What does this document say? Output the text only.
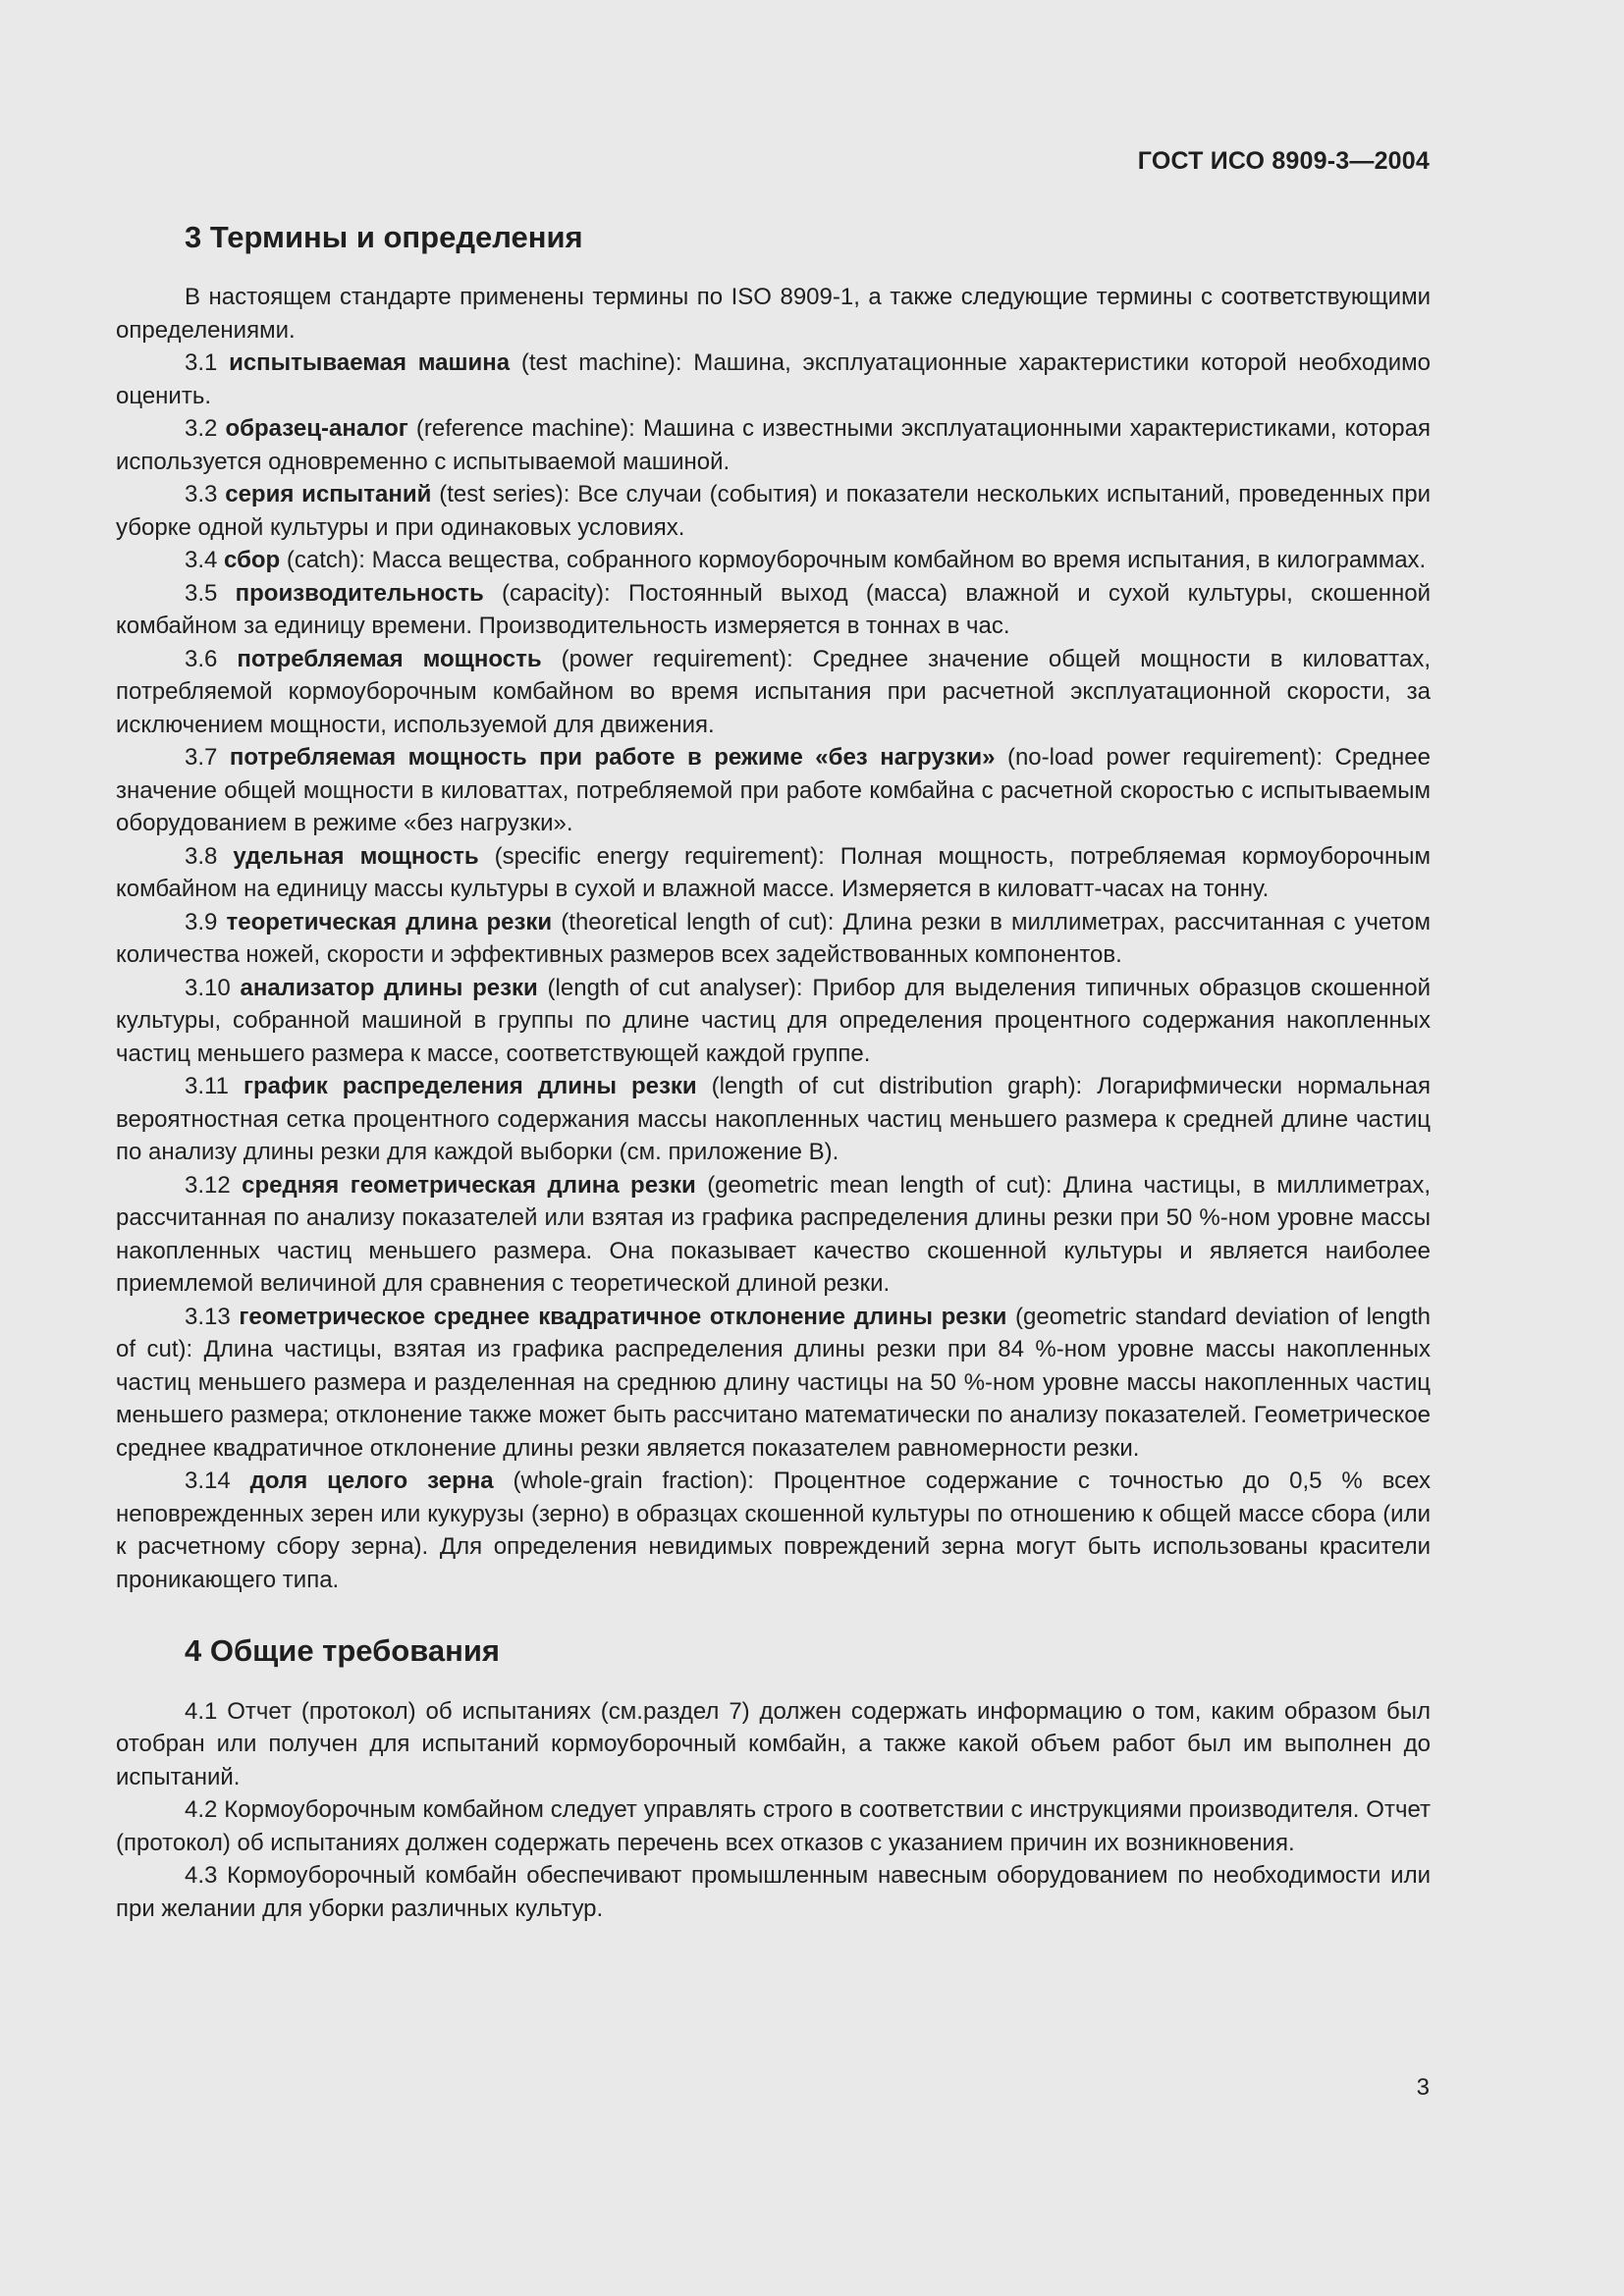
ГОСТ ИСО 8909-3—2004
3 Термины и определения

В настоящем стандарте применены термины по ISO 8909-1, а также следующие термины с соответствующими определениями.

3.1 испытываемая машина (test machine): Машина, эксплуатационные характеристики которой необходимо оценить.

3.2 образец-аналог (reference machine): Машина с известными эксплуатационными характеристиками, которая используется одновременно с испытываемой машиной.

3.3 серия испытаний (test series): Все случаи (события) и показатели нескольких испытаний, проведенных при уборке одной культуры и при одинаковых условиях.

3.4 сбор (catch): Масса вещества, собранного кормоуборочным комбайном во время испытания, в килограммах.

3.5 производительность (capacity): Постоянный выход (масса) влажной и сухой культуры, скошенной комбайном за единицу времени. Производительность измеряется в тоннах в час.

3.6 потребляемая мощность (power requirement): Среднее значение общей мощности в киловаттах, потребляемой кормоуборочным комбайном во время испытания при расчетной эксплуатационной скорости, за исключением мощности, используемой для движения.

3.7 потребляемая мощность при работе в режиме «без нагрузки» (no-load power requirement): Среднее значение общей мощности в киловаттах, потребляемой при работе комбайна с расчетной скоростью с испытываемым оборудованием в режиме «без нагрузки».

3.8 удельная мощность (specific energy requirement): Полная мощность, потребляемая кормоуборочным комбайном на единицу массы культуры в сухой и влажной массе. Измеряется в киловатт-часах на тонну.

3.9 теоретическая длина резки (theoretical length of cut): Длина резки в миллиметрах, рассчитанная с учетом количества ножей, скорости и эффективных размеров всех задействованных компонентов.

3.10 анализатор длины резки (length of cut analyser): Прибор для выделения типичных образцов скошенной культуры, собранной машиной в группы по длине частиц для определения процентного содержания накопленных частиц меньшего размера к массе, соответствующей каждой группе.

3.11 график распределения длины резки (length of cut distribution graph): Логарифмически нормальная вероятностная сетка процентного содержания массы накопленных частиц меньшего размера к средней длине частиц по анализу длины резки для каждой выборки (см. приложение В).

3.12 средняя геометрическая длина резки (geometric mean length of cut): Длина частицы, в миллиметрах, рассчитанная по анализу показателей или взятая из графика распределения длины резки при 50 %-ном уровне массы накопленных частиц меньшего размера. Она показывает качество скошенной культуры и является наиболее приемлемой величиной для сравнения с теоретической длиной резки.

3.13 геометрическое среднее квадратичное отклонение длины резки (geometric standard deviation of length of cut): Длина частицы, взятая из графика распределения длины резки при 84 %-ном уровне массы накопленных частиц меньшего размера и разделенная на среднюю длину частицы на 50 %-ном уровне массы накопленных частиц меньшего размера; отклонение также может быть рассчитано математически по анализу показателей. Геометрическое среднее квадратичное отклонение длины резки является показателем равномерности резки.

3.14 доля целого зерна (whole-grain fraction): Процентное содержание с точностью до 0,5 % всех неповрежденных зерен или кукурузы (зерно) в образцах скошенной культуры по отношению к общей массе сбора (или к расчетному сбору зерна). Для определения невидимых повреждений зерна могут быть использованы красители проникающего типа.

4 Общие требования

4.1 Отчет (протокол) об испытаниях (см.раздел 7) должен содержать информацию о том, каким образом был отобран или получен для испытаний кормоуборочный комбайн, а также какой объем работ был им выполнен до испытаний.

4.2 Кормоуборочным комбайном следует управлять строго в соответствии с инструкциями производителя. Отчет (протокол) об испытаниях должен содержать перечень всех отказов с указанием причин их возникновения.

4.3 Кормоуборочный комбайн обеспечивают промышленным навесным оборудованием по необходимости или при желании для уборки различных культур.

3
